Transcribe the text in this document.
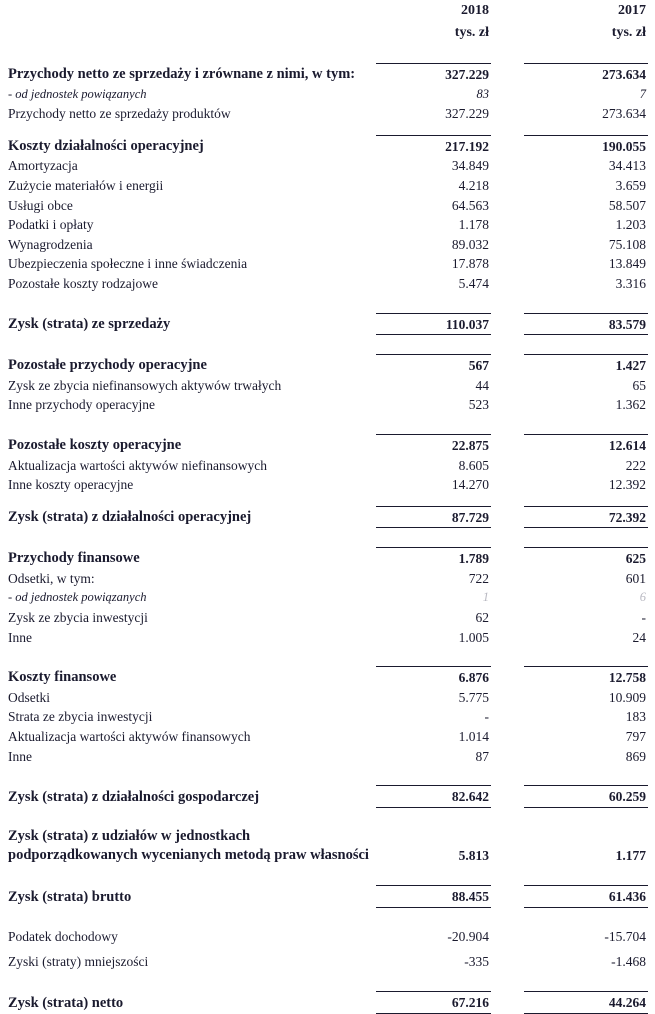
	2018		2017
	tys. zł		tys. zł

Przychody netto ze sprzedaży i zrównane z nimi, w tym:	327.229		273.634
- od jednostek powiązanych	83		7
Przychody netto ze sprzedaży produktów	327.229		273.634

Koszty działalności operacyjnej	217.192		190.055
Amortyzacja	34.849		34.413
Zużycie materiałów i energii	4.218		3.659
Usługi obce	64.563		58.507
Podatki i opłaty	1.178		1.203
Wynagrodzenia	89.032		75.108
Ubezpieczenia społeczne i inne świadczenia	17.878		13.849
Pozostałe koszty rodzajowe	5.474		3.316

Zysk (strata) ze sprzedaży	110.037		83.579

Pozostałe przychody operacyjne	567		1.427
Zysk ze zbycia niefinansowych aktywów trwałych	44		65
Inne przychody operacyjne	523		1.362

Pozostałe koszty operacyjne	22.875		12.614
Aktualizacja wartości aktywów niefinansowych	8.605		222
Inne koszty operacyjne	14.270		12.392

Zysk (strata) z działalności operacyjnej	87.729		72.392

Przychody finansowe	1.789		625
Odsetki, w tym:	722		601
- od jednostek powiązanych	1		6
Zysk ze zbycia inwestycji	62		-
Inne	1.005		24

Koszty finansowe	6.876		12.758
Odsetki	5.775		10.909
Strata ze zbycia inwestycji	-		183
Aktualizacja wartości aktywów finansowych	1.014		797
Inne	87		869

Zysk (strata) z działalności gospodarczej	82.642		60.259

Zysk (strata) z udziałów w jednostkach podporządkowanych wycenianych metodą praw własności	5.813		1.177

Zysk (strata) brutto	88.455		61.436

Podatek dochodowy	-20.904		-15.704

Zyski (straty) mniejszości	-335		-1.468

Zysk (strata) netto	67.216		44.264
